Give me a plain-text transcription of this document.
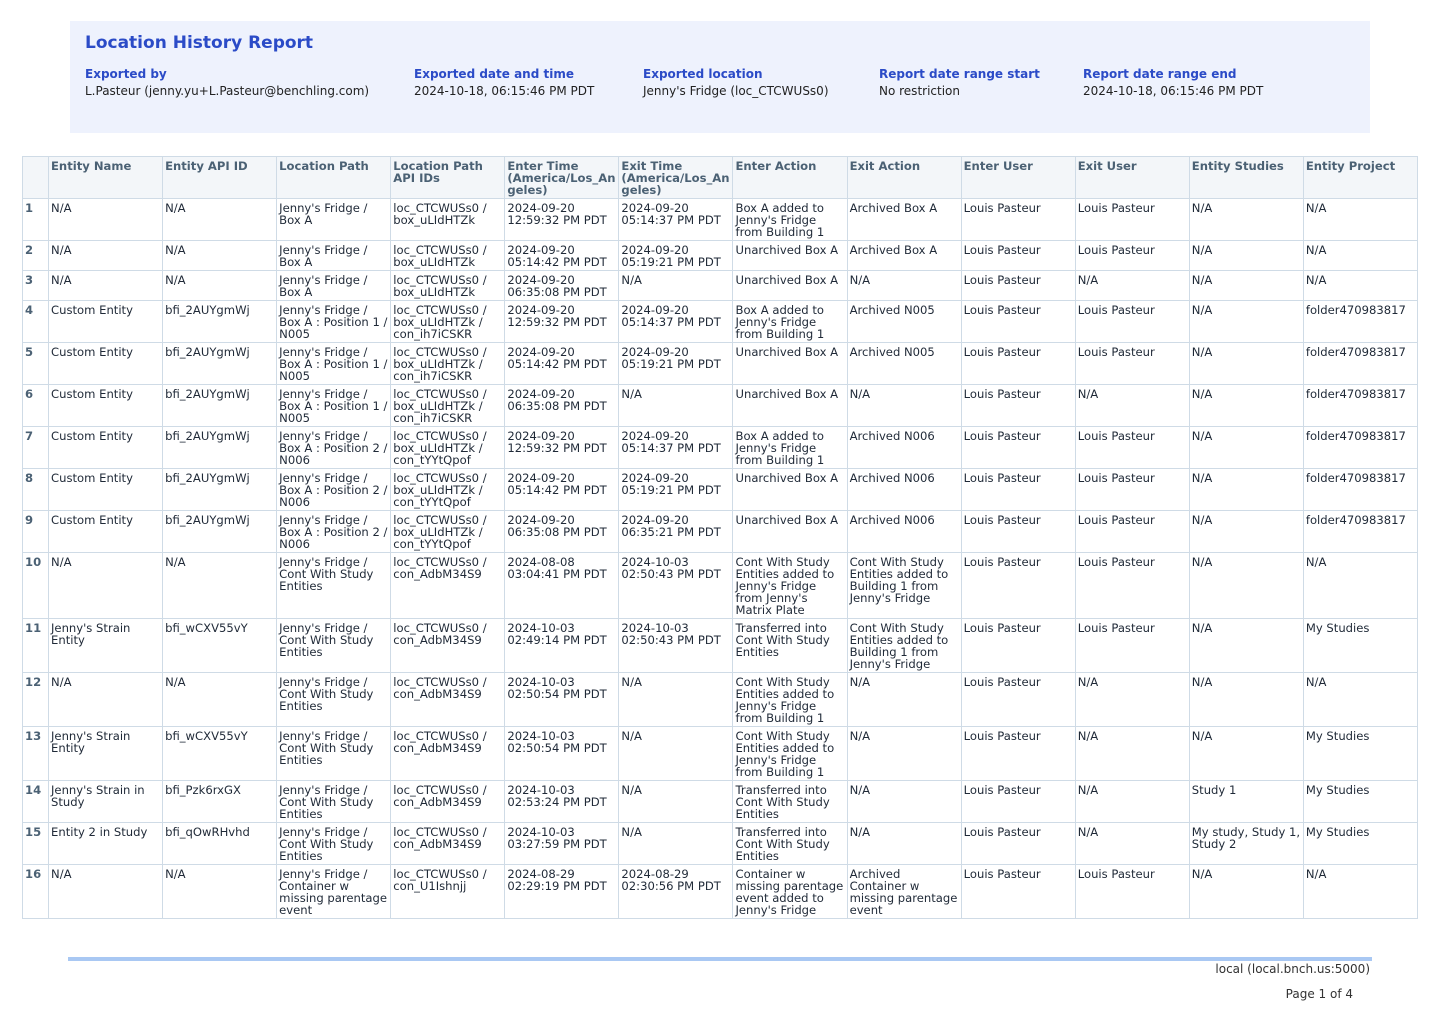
Location History Report
Exported by
L.Pasteur (jenny.yu+L.Pasteur@benchling.com)
Exported date and time
2024-10-18, 06:15:46 PM PDT
Exported location
Jenny's Fridge (loc_CTCWUSs0)
Report date range start
No restriction
Report date range end
2024-10-18, 06:15:46 PM PDT
	Entity Name	Entity API ID	Location Path	Location Path API IDs	Enter Time (America/Los_Angeles)	Exit Time (America/Los_Angeles)	Enter Action	Exit Action	Enter User	Exit User	Entity Studies	Entity Project
1	N/A	N/A	Jenny's Fridge / Box A	loc_CTCWUSs0 / box_uLIdHTZk	2024-09-20 12:59:32 PM PDT	2024-09-20 05:14:37 PM PDT	Box A added to Jenny's Fridge from Building 1	Archived Box A	Louis Pasteur	Louis Pasteur	N/A	N/A
2	N/A	N/A	Jenny's Fridge / Box A	loc_CTCWUSs0 / box_uLIdHTZk	2024-09-20 05:14:42 PM PDT	2024-09-20 05:19:21 PM PDT	Unarchived Box A	Archived Box A	Louis Pasteur	Louis Pasteur	N/A	N/A
3	N/A	N/A	Jenny's Fridge / Box A	loc_CTCWUSs0 / box_uLIdHTZk	2024-09-20 06:35:08 PM PDT	N/A	Unarchived Box A	N/A	Louis Pasteur	N/A	N/A	N/A
4	Custom Entity	bfi_2AUYgmWj	Jenny's Fridge / Box A : Position 1 / N005	loc_CTCWUSs0 / box_uLIdHTZk / con_ih7iCSKR	2024-09-20 12:59:32 PM PDT	2024-09-20 05:14:37 PM PDT	Box A added to Jenny's Fridge from Building 1	Archived N005	Louis Pasteur	Louis Pasteur	N/A	folder470983817
5	Custom Entity	bfi_2AUYgmWj	Jenny's Fridge / Box A : Position 1 / N005	loc_CTCWUSs0 / box_uLIdHTZk / con_ih7iCSKR	2024-09-20 05:14:42 PM PDT	2024-09-20 05:19:21 PM PDT	Unarchived Box A	Archived N005	Louis Pasteur	Louis Pasteur	N/A	folder470983817
6	Custom Entity	bfi_2AUYgmWj	Jenny's Fridge / Box A : Position 1 / N005	loc_CTCWUSs0 / box_uLIdHTZk / con_ih7iCSKR	2024-09-20 06:35:08 PM PDT	N/A	Unarchived Box A	N/A	Louis Pasteur	N/A	N/A	folder470983817
7	Custom Entity	bfi_2AUYgmWj	Jenny's Fridge / Box A : Position 2 / N006	loc_CTCWUSs0 / box_uLIdHTZk / con_tYYtQpof	2024-09-20 12:59:32 PM PDT	2024-09-20 05:14:37 PM PDT	Box A added to Jenny's Fridge from Building 1	Archived N006	Louis Pasteur	Louis Pasteur	N/A	folder470983817
8	Custom Entity	bfi_2AUYgmWj	Jenny's Fridge / Box A : Position 2 / N006	loc_CTCWUSs0 / box_uLIdHTZk / con_tYYtQpof	2024-09-20 05:14:42 PM PDT	2024-09-20 05:19:21 PM PDT	Unarchived Box A	Archived N006	Louis Pasteur	Louis Pasteur	N/A	folder470983817
9	Custom Entity	bfi_2AUYgmWj	Jenny's Fridge / Box A : Position 2 / N006	loc_CTCWUSs0 / box_uLIdHTZk / con_tYYtQpof	2024-09-20 06:35:08 PM PDT	2024-09-20 06:35:21 PM PDT	Unarchived Box A	Archived N006	Louis Pasteur	Louis Pasteur	N/A	folder470983817
10	N/A	N/A	Jenny's Fridge / Cont With Study Entities	loc_CTCWUSs0 / con_AdbM34S9	2024-08-08 03:04:41 PM PDT	2024-10-03 02:50:43 PM PDT	Cont With Study Entities added to Jenny's Fridge from Jenny's Matrix Plate	Cont With Study Entities added to Building 1 from Jenny's Fridge	Louis Pasteur	Louis Pasteur	N/A	N/A
11	Jenny's Strain Entity	bfi_wCXV55vY	Jenny's Fridge / Cont With Study Entities	loc_CTCWUSs0 / con_AdbM34S9	2024-10-03 02:49:14 PM PDT	2024-10-03 02:50:43 PM PDT	Transferred into Cont With Study Entities	Cont With Study Entities added to Building 1 from Jenny's Fridge	Louis Pasteur	Louis Pasteur	N/A	My Studies
12	N/A	N/A	Jenny's Fridge / Cont With Study Entities	loc_CTCWUSs0 / con_AdbM34S9	2024-10-03 02:50:54 PM PDT	N/A	Cont With Study Entities added to Jenny's Fridge from Building 1	N/A	Louis Pasteur	N/A	N/A	N/A
13	Jenny's Strain Entity	bfi_wCXV55vY	Jenny's Fridge / Cont With Study Entities	loc_CTCWUSs0 / con_AdbM34S9	2024-10-03 02:50:54 PM PDT	N/A	Cont With Study Entities added to Jenny's Fridge from Building 1	N/A	Louis Pasteur	N/A	N/A	My Studies
14	Jenny's Strain in Study	bfi_Pzk6rxGX	Jenny's Fridge / Cont With Study Entities	loc_CTCWUSs0 / con_AdbM34S9	2024-10-03 02:53:24 PM PDT	N/A	Transferred into Cont With Study Entities	N/A	Louis Pasteur	N/A	Study 1	My Studies
15	Entity 2 in Study	bfi_qOwRHvhd	Jenny's Fridge / Cont With Study Entities	loc_CTCWUSs0 / con_AdbM34S9	2024-10-03 03:27:59 PM PDT	N/A	Transferred into Cont With Study Entities	N/A	Louis Pasteur	N/A	My study, Study 1, Study 2	My Studies
16	N/A	N/A	Jenny's Fridge / Container w missing parentage event	loc_CTCWUSs0 / con_U1Ishnjj	2024-08-29 02:29:19 PM PDT	2024-08-29 02:30:56 PM PDT	Container w missing parentage event added to Jenny's Fridge	Archived Container w missing parentage event	Louis Pasteur	Louis Pasteur	N/A	N/A
local (local.bnch.us:5000)
Page 1 of 4
